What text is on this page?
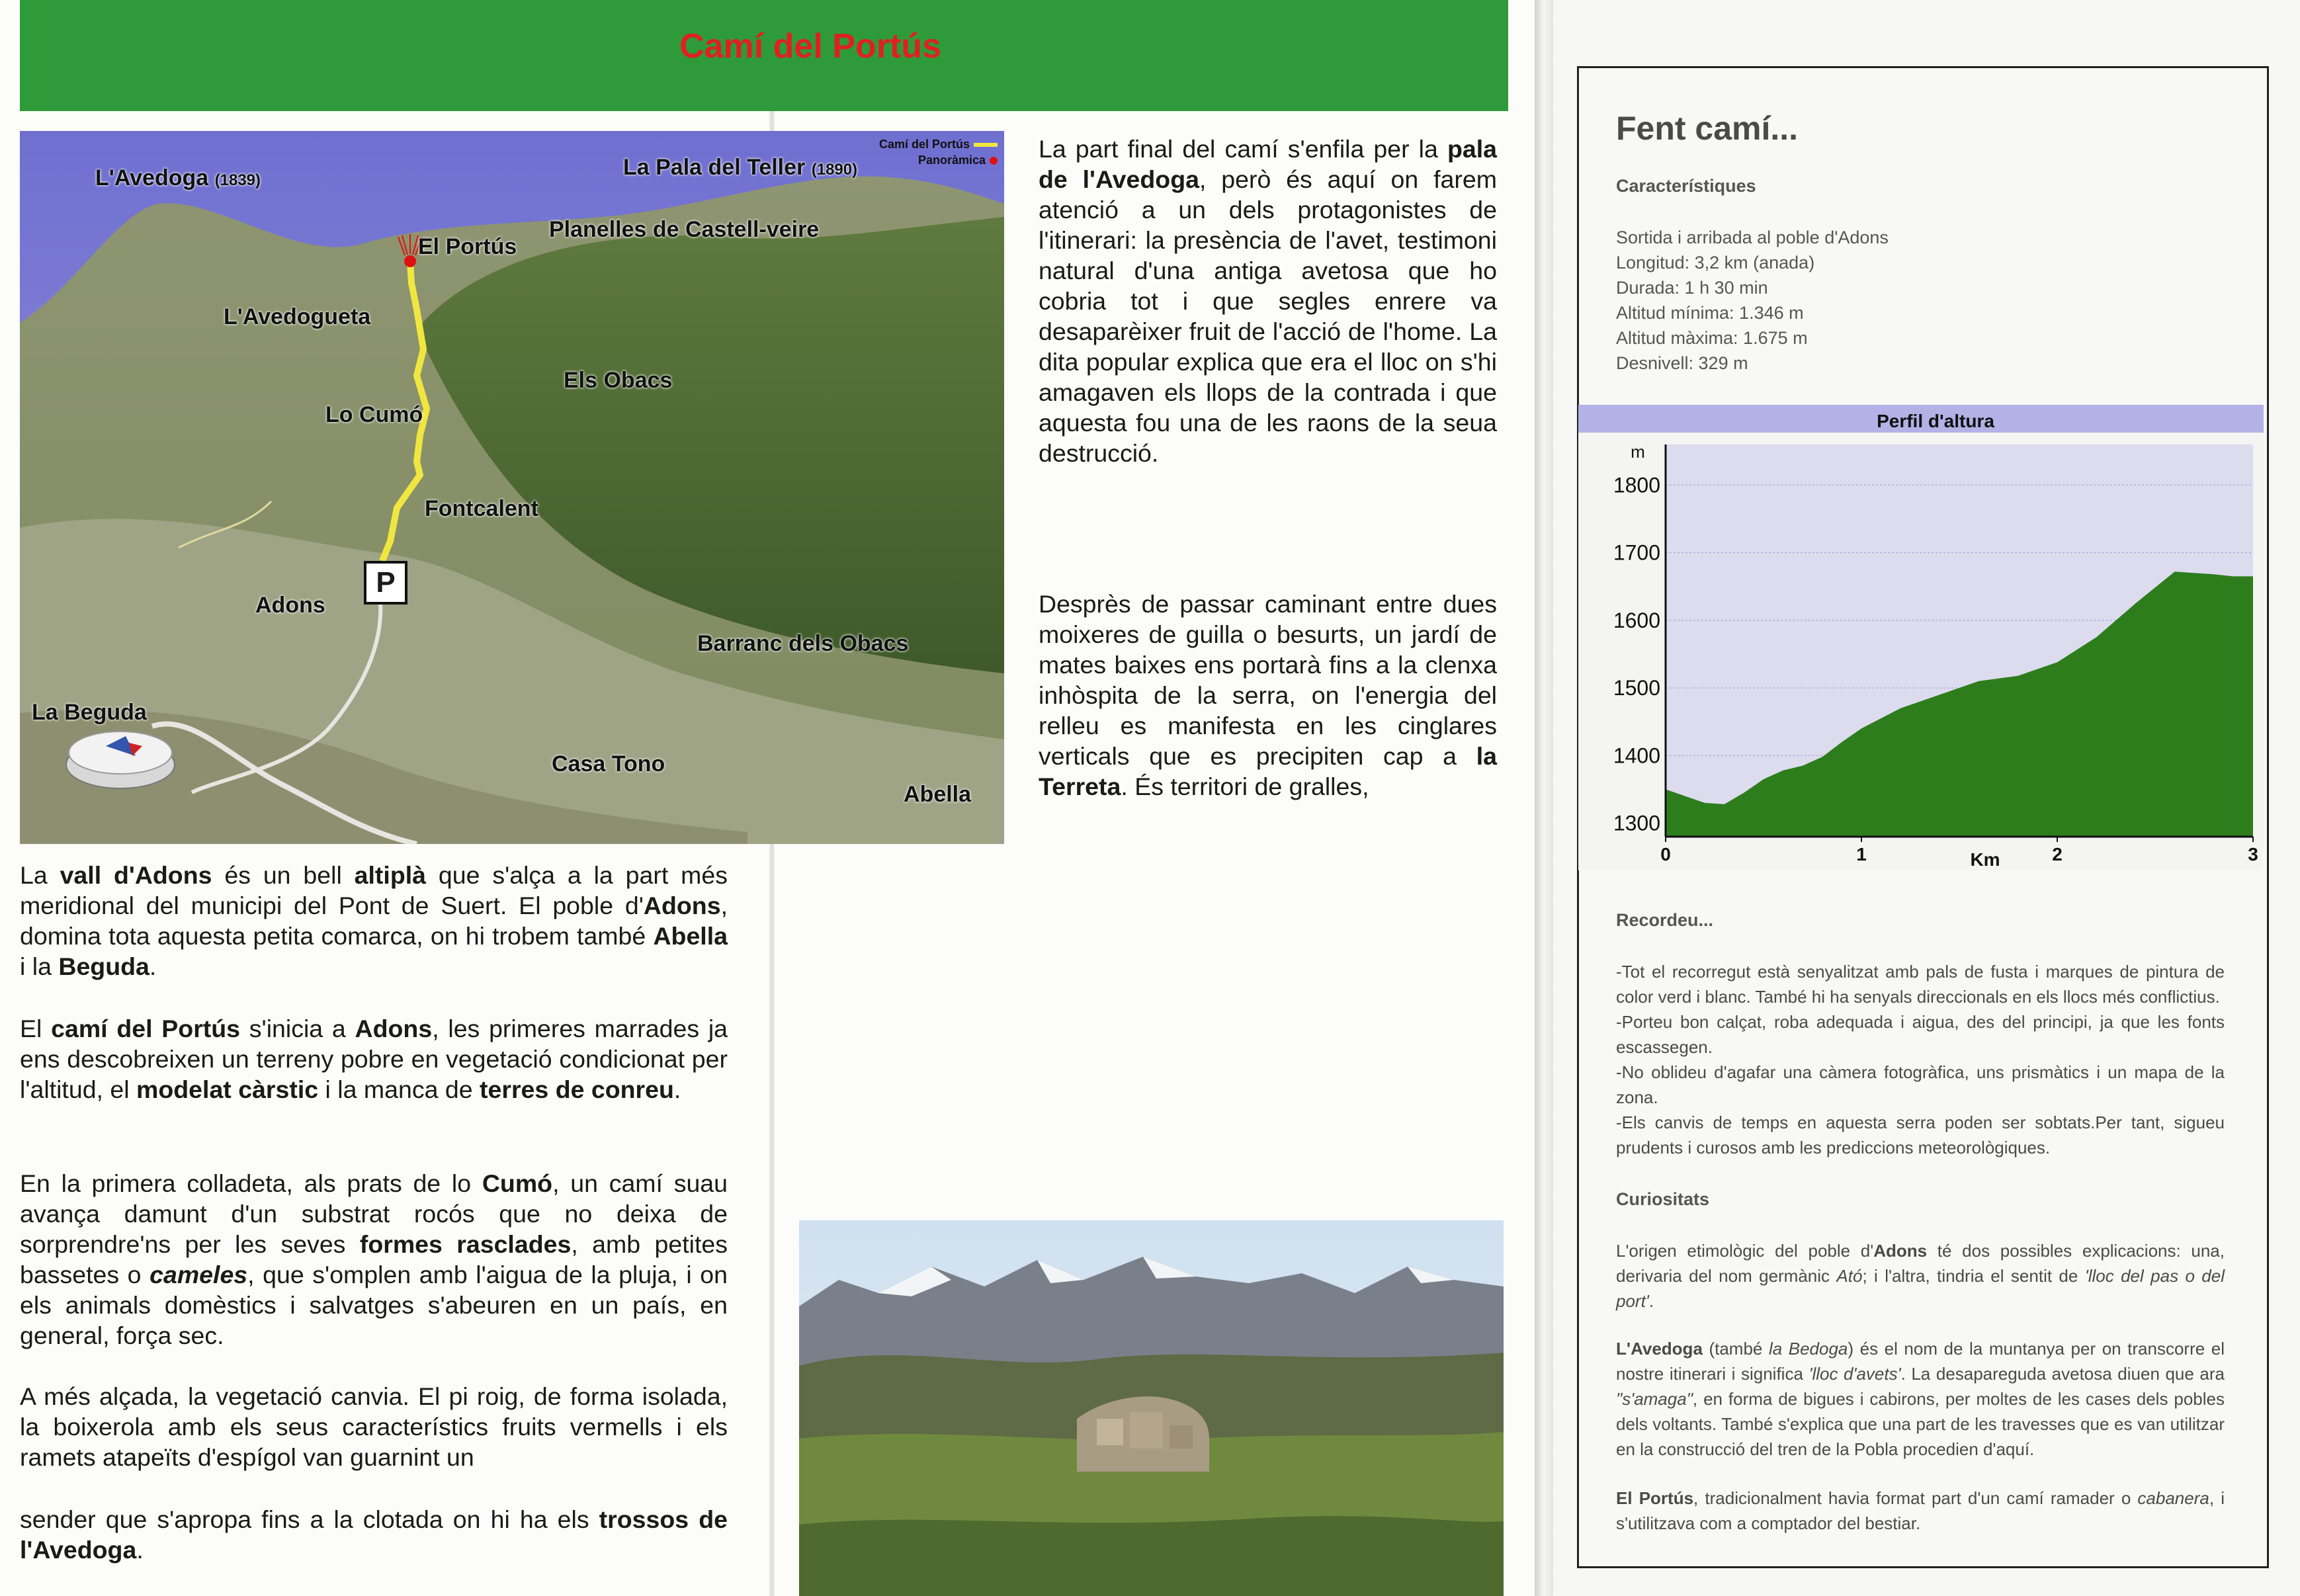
Camí del Portús
Camí del Portús
Panoràmica
L'Avedoga (1839)
La Pala del Teller (1890)
El Portús
Planelles de Castell-veire
L'Avedogueta
Els Obacs
Lo Cumó
Fontcalent
Adons
Barranc dels Obacs
La Beguda
Casa Tono
Abella
P
La vall d'Adons és un bell altiplà que s'alça a la part més meridional del municipi del Pont de Suert. El poble d'Adons, domina tota aquesta petita comarca, on hi trobem també Abella i la Beguda.
El camí del Portús s'inicia a Adons, les primeres marrades ja ens descobreixen un terreny pobre en vegetació condicionat per l'altitud, el modelat càrstic i la manca de terres de conreu.
En la primera colladeta, als prats de lo Cumó, un camí suau avança damunt d'un substrat rocós que no deixa de sorprendre'ns per les seves formes rasclades, amb petites bassetes o cameles, que s'omplen amb l'aigua de la pluja, i on els animals domèstics i salvatges s'abeuren en un país, en general, força sec.
A més alçada, la vegetació canvia. El pi roig, de forma isolada, la boixerola amb els seus característics fruits vermells i els ramets atapeïts d'espígol van guarnint un
sender que s'apropa fins a la clotada on hi ha els trossos de l'Avedoga.
La part final del camí s'enfila per la pala de l'Avedoga, però és aquí on farem atenció a un dels protagonistes de l'itinerari: la presència de l'avet, testimoni natural d'una antiga avetosa que ho cobria tot i que segles enrere va desaparèixer fruit de l'acció de l'home. La dita popular explica que era el lloc on s'hi amagaven els llops de la contrada i que aquesta fou una de les raons de la seua destrucció.
Desprès de passar caminant entre dues moixeres de guilla o besurts, un jardí de mates baixes ens portarà fins a la clenxa inhòspita de la serra, on l'energia del relleu es manifesta en les cinglares verticals que es precipiten cap a la Terreta. És territori de gralles,
Fent camí...
Característiques
Sortida i arribada al poble d'Adons
Longitud: 3,2 km (anada)
Durada: 1 h 30 min
Altitud mínima: 1.346 m
Altitud màxima: 1.675 m
Desnivell: 329 m
Perfil d'altura
m
Km
1300
1400
1500
1600
1700
1800
0	1	2	3
Recordeu...
-Tot el recorregut està senyalitzat amb pals de fusta i marques de pintura de color verd i blanc. També hi ha senyals direccionals en els llocs més conflictius.
-Porteu bon calçat, roba adequada i aigua, des del principi, ja que les fonts escassegen.
-No oblideu d'agafar una càmera fotogràfica, uns prismàtics i un mapa de la zona.
-Els canvis de temps en aquesta serra poden ser sobtats.Per tant, sigueu prudents i curosos amb les prediccions meteorològiques.
Curiositats
L'origen etimològic del poble d'Adons té dos possibles explicacions: una, derivaria del nom germànic Ató; i l'altra, tindria el sentit de 'lloc del pas o del port'.
L'Avedoga (també la Bedoga) és el nom de la muntanya per on transcorre el nostre itinerari i significa 'lloc d'avets'. La desapareguda avetosa diuen que ara "s'amaga", en forma de bigues i cabirons, per moltes de les cases dels pobles dels voltants. També s'explica que una part de les travesses que es van utilitzar en la construcció del tren de la Pobla procedien d'aquí.
El Portús, tradicionalment havia format part d'un camí ramader o cabanera, i s'utilitzava com a comptador del bestiar.
